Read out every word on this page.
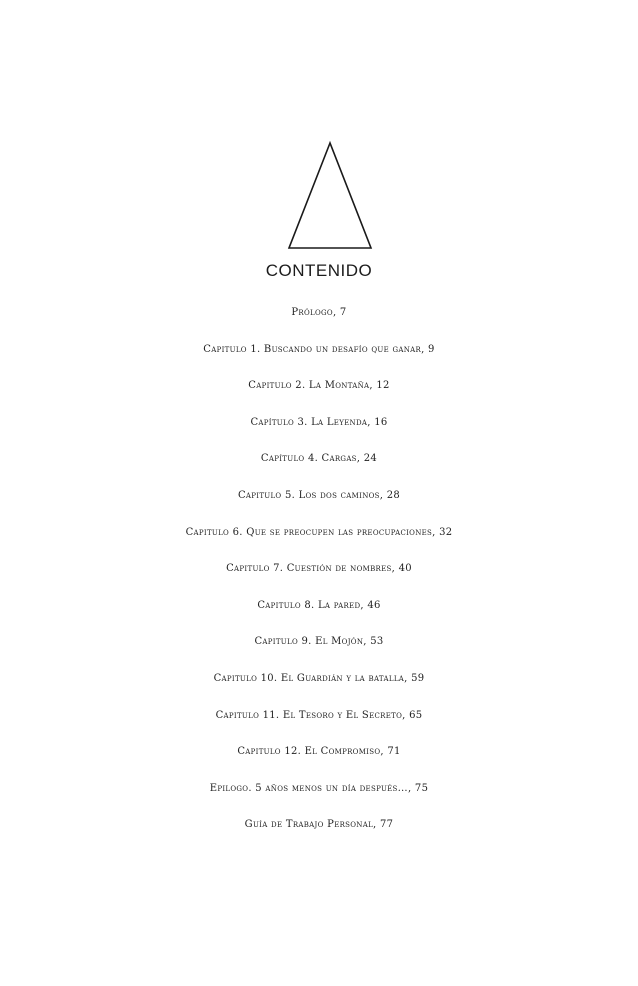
CONTENIDO
Prólogo, 7
Capitulo 1. Buscando un desafío que ganar, 9
Capitulo 2. La Montaña, 12
Capítulo 3. La Leyenda, 16
Capítulo 4. Cargas, 24
Capitulo 5. Los dos caminos, 28
Capitulo 6. Que se preocupen las preocupaciones, 32
Capitulo 7. Cuestión de nombres, 40
Capitulo 8. La pared, 46
Capitulo 9. El Mojón, 53
Capitulo 10. El Guardián y la batalla, 59
Capitulo 11. El Tesoro y El Secreto, 65
Capitulo 12. El Compromiso, 71
Epilogo. 5 años menos un día después…, 75
Guía de Trabajo Personal, 77
